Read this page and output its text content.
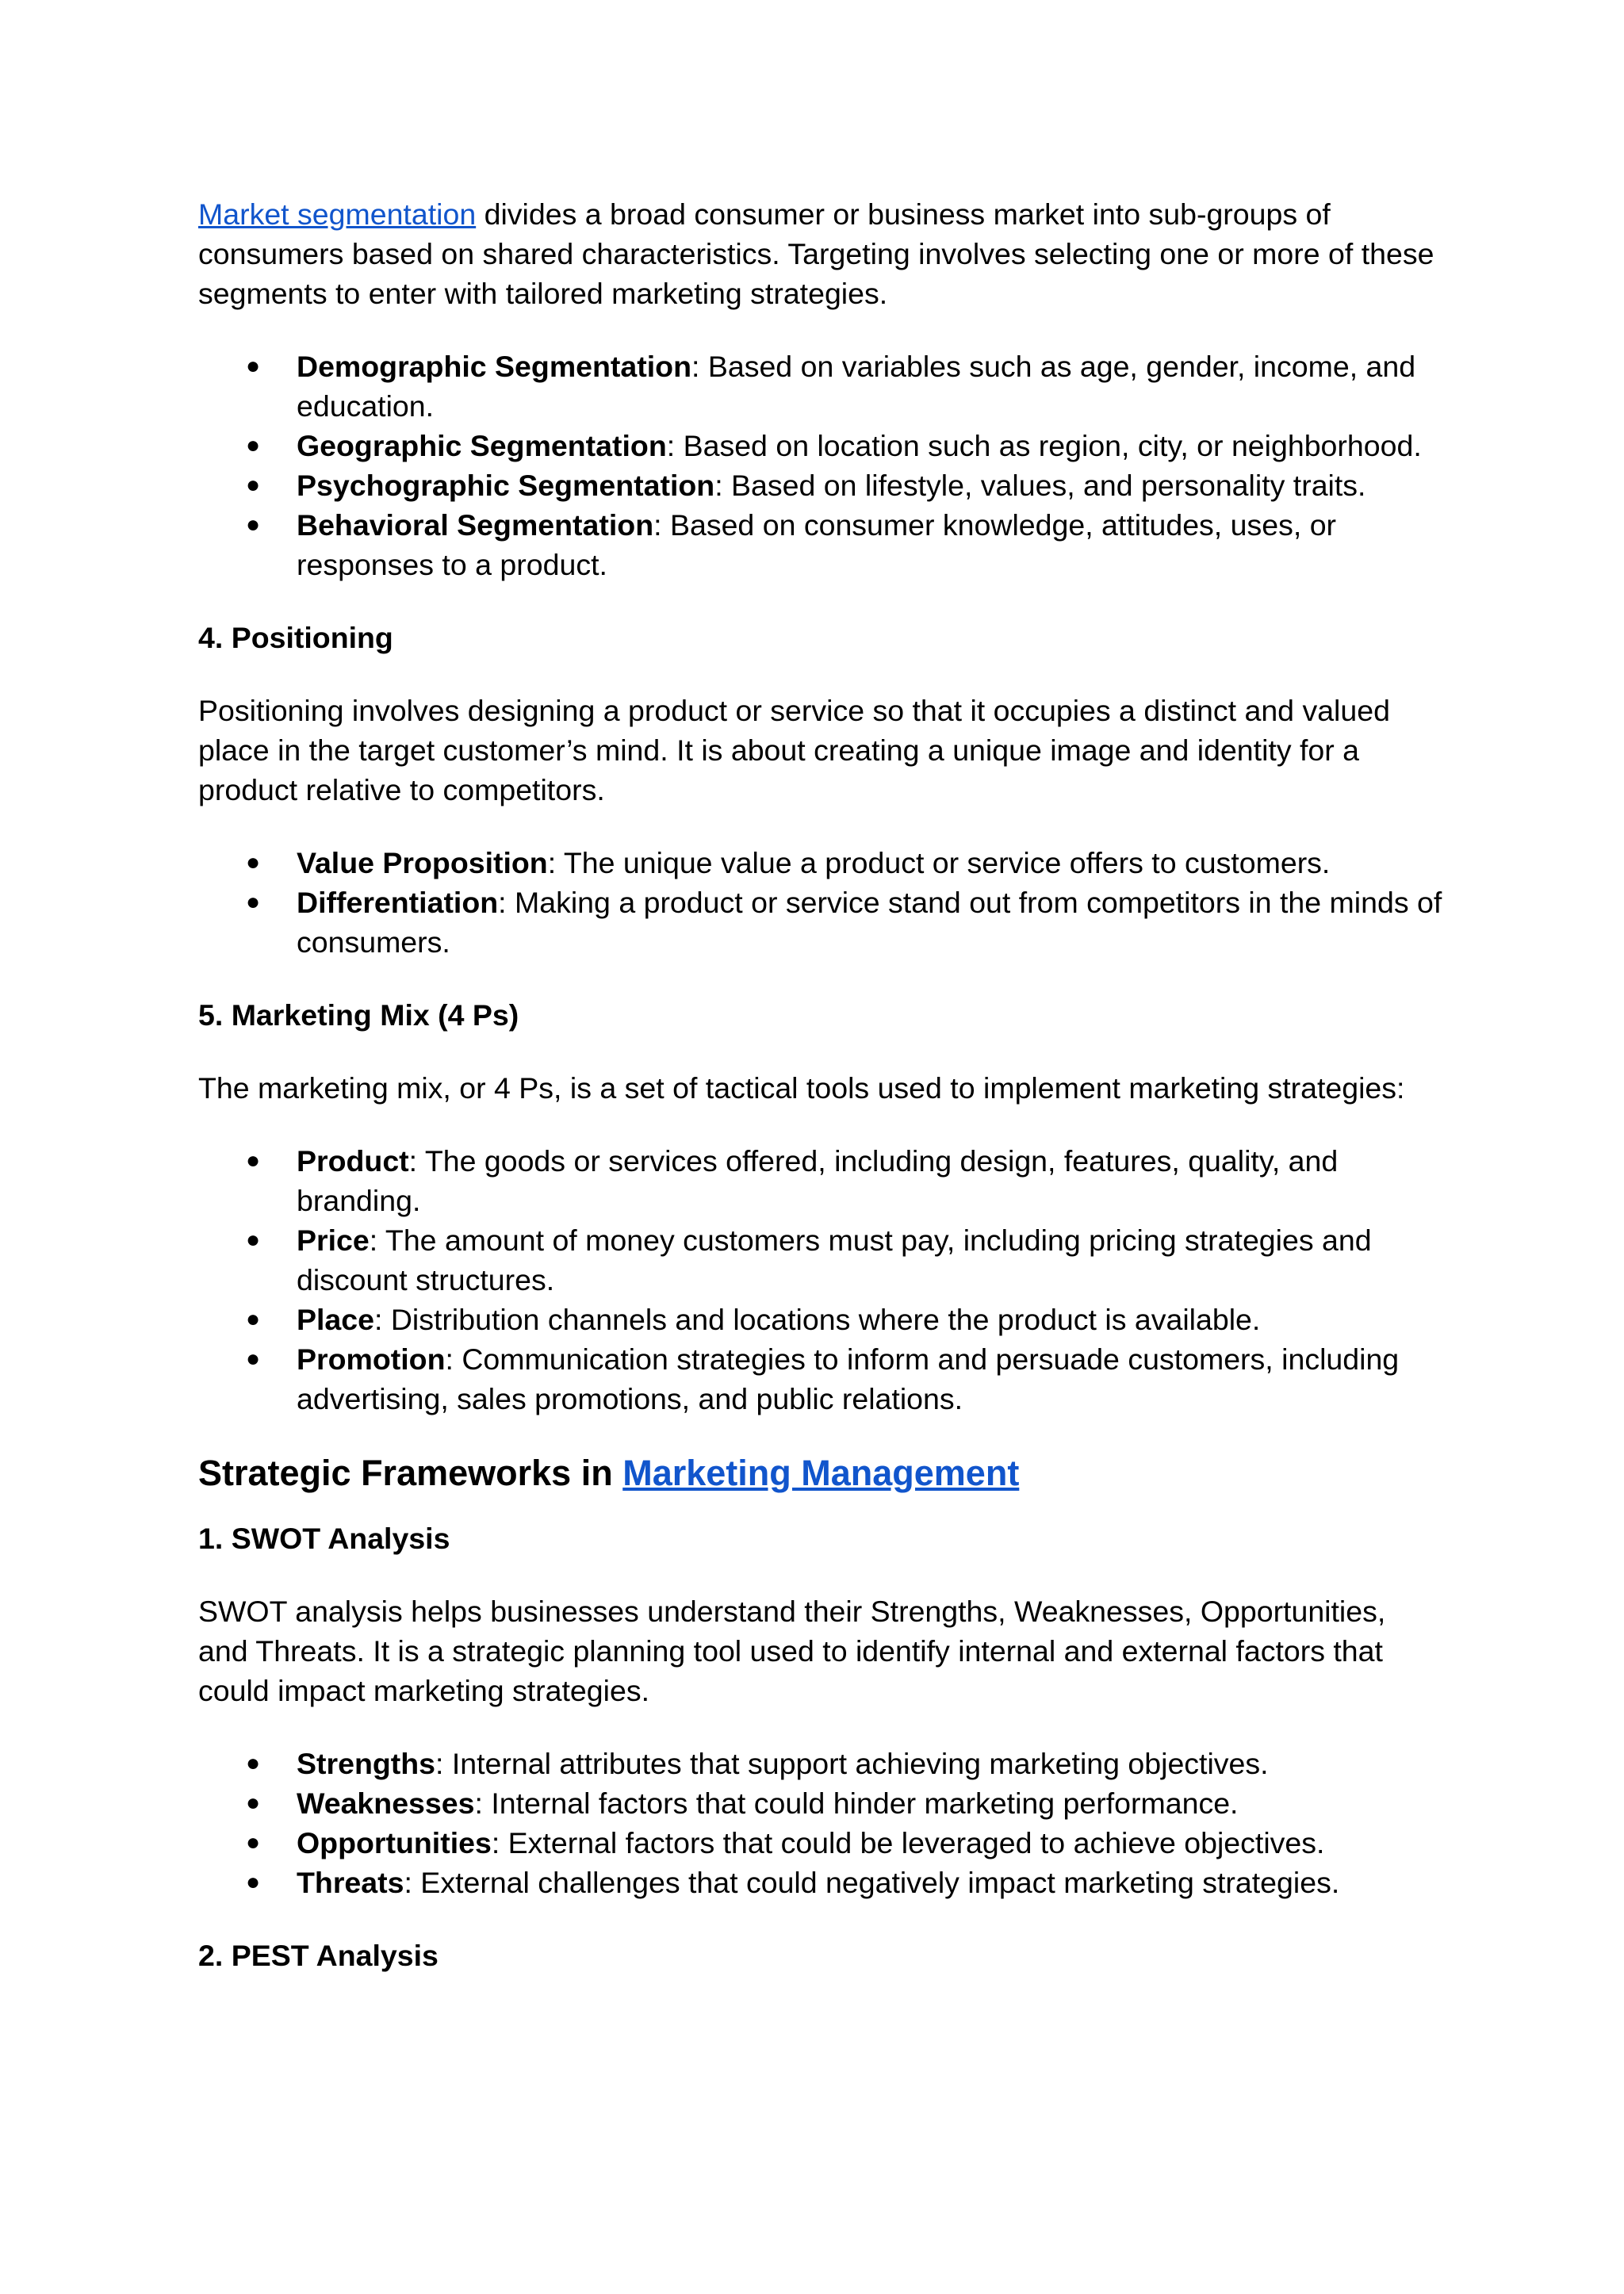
Market segmentation divides a broad consumer or business market into sub-groups of consumers based on shared characteristics. Targeting involves selecting one or more of these segments to enter with tailored marketing strategies.

● Demographic Segmentation: Based on variables such as age, gender, income, and education.
● Geographic Segmentation: Based on location such as region, city, or neighborhood.
● Psychographic Segmentation: Based on lifestyle, values, and personality traits.
● Behavioral Segmentation: Based on consumer knowledge, attitudes, uses, or responses to a product.

4. Positioning

Positioning involves designing a product or service so that it occupies a distinct and valued place in the target customer’s mind. It is about creating a unique image and identity for a product relative to competitors.

● Value Proposition: The unique value a product or service offers to customers.
● Differentiation: Making a product or service stand out from competitors in the minds of consumers.

5. Marketing Mix (4 Ps)

The marketing mix, or 4 Ps, is a set of tactical tools used to implement marketing strategies:

● Product: The goods or services offered, including design, features, quality, and branding.
● Price: The amount of money customers must pay, including pricing strategies and discount structures.
● Place: Distribution channels and locations where the product is available.
● Promotion: Communication strategies to inform and persuade customers, including advertising, sales promotions, and public relations.

Strategic Frameworks in Marketing Management

1. SWOT Analysis

SWOT analysis helps businesses understand their Strengths, Weaknesses, Opportunities, and Threats. It is a strategic planning tool used to identify internal and external factors that could impact marketing strategies.

● Strengths: Internal attributes that support achieving marketing objectives.
● Weaknesses: Internal factors that could hinder marketing performance.
● Opportunities: External factors that could be leveraged to achieve objectives.
● Threats: External challenges that could negatively impact marketing strategies.

2. PEST Analysis
